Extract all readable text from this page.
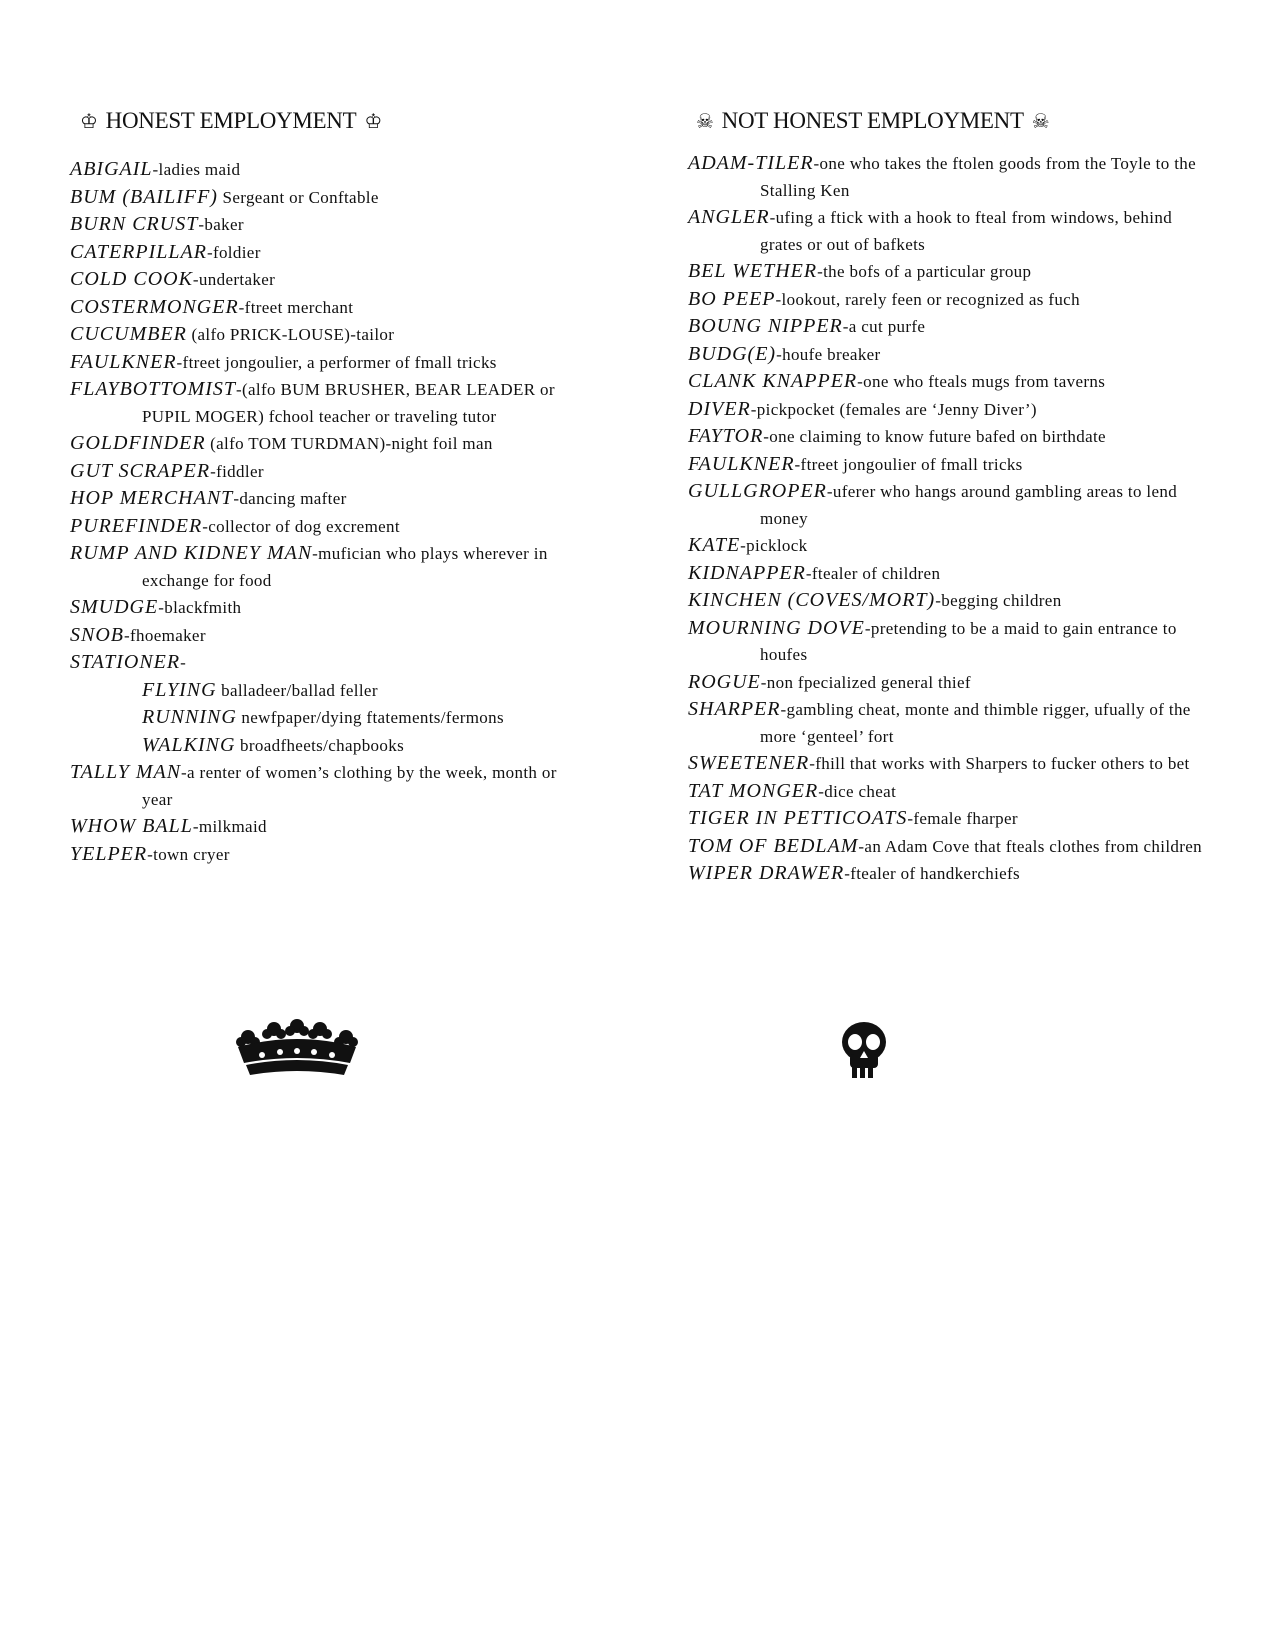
♔ HONEST EMPLOYMENT ♔
ABIGAIL-ladies maid
BUM (BAILIFF) Sergeant or Conftable
BURN CRUST-baker
CATERPILLAR-foldier
COLD COOK-undertaker
COSTERMONGER-ftreet merchant
CUCUMBER (alfo PRICK-LOUSE)-tailor
FAULKNER-ftreet jongoulier, a performer of fmall tricks
FLAYBOTTOMIST-(alfo BUM BRUSHER, BEAR LEADER or PUPIL MOGER) fchool teacher or traveling tutor
GOLDFINDER (alfo TOM TURDMAN)-night foil man
GUT SCRAPER-fiddler
HOP MERCHANT-dancing mafter
PUREFINDER-collector of dog excrement
RUMP AND KIDNEY MAN-mufician who plays wherever in exchange for food
SMUDGE-blackfmith
SNOB-fhoemaker
STATIONER-
FLYING balladeer/ballad feller
RUNNING newfpaper/dying ftatements/fermons
WALKING broadfheets/chapbooks
TALLY MAN-a renter of women’s clothing by the week, month or year
WHOW BALL-milkmaid
YELPER-town cryer
☠ NOT HONEST EMPLOYMENT ☠
ADAM-TILER-one who takes the ftolen goods from the Toyle to the Stalling Ken
ANGLER-ufing a ftick with a hook to fteal from windows, behind grates or out of bafkets
BEL WETHER-the bofs of a particular group
BO PEEP-lookout, rarely feen or recognized as fuch
BOUNG NIPPER-a cut purfe
BUDG(E)-houfe breaker
CLANK KNAPPER-one who fteals mugs from taverns
DIVER-pickpocket (females are ‘Jenny Diver’)
FAYTOR-one claiming to know future bafed on birthdate
FAULKNER-ftreet jongoulier of fmall tricks
GULLGROPER-uferer who hangs around gambling areas to lend money
KATE-picklock
KIDNAPPER-ftealer of children
KINCHEN (COVES/MORT)-begging children
MOURNING DOVE-pretending to be a maid to gain entrance to houfes
ROGUE-non fpecialized general thief
SHARPER-gambling cheat, monte and thimble rigger, ufually of the more ‘genteel’ fort
SWEETENER-fhill that works with Sharpers to fucker others to bet
TAT MONGER-dice cheat
TIGER IN PETTICOATS-female fharper
TOM OF BEDLAM-an Adam Cove that fteals clothes from children
WIPER DRAWER-ftealer of handkerchiefs
